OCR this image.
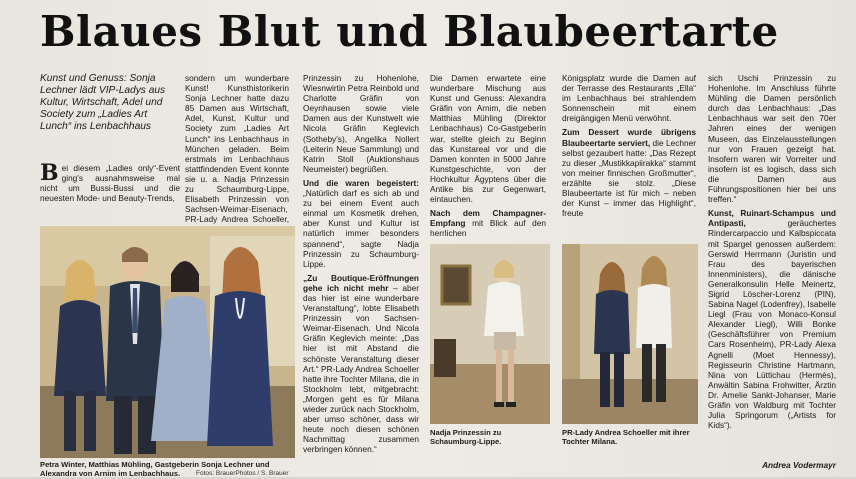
Blaues Blut und Blaubeertarte
Kunst und Genuss: Sonja Lechner lädt VIP-Ladys aus Kultur, Wirtschaft, Adel und Society zum „Ladies Art Lunch“ ins Lenbachhaus
Bei diesem „Ladies only“-Event ging's ausnahmsweise mal nicht um Bussi-Bussi und die neuesten Mode- und Beauty-Trends,

sondern um wunderbare Kunst! Kunsthistorikerin Sonja Lechner hatte dazu 85 Damen aus Wirtschaft, Adel, Kunst, Kultur und Society zum „Ladies Art Lunch“ ins Lenbachhaus in München geladen. Beim erstmals im Lenbachhaus stattfindenden Event konnte sie u. a. Nadja Prinzessin zu Schaumburg-Lippe, Elisabeth Prinzessin von Sachsen-Weimar-Eisenach, PR-Lady Andrea Schoeller,

Prinzessin zu Hohenlohe, Wiesnwirtin Petra Reinbold und Charlotte Gräfin von Oeynhausen sowie viele Damen aus der Kunstwelt wie Nicola Gräfin Keglevich (Sotheby's), Angelika Nollert (Leiterin Neue Sammlung) und Katrin Stoll (Auktionshaus Neumeister) begrüßen.

Und die waren begeistert: „Natürlich darf es sich ab und zu bei einem Event auch einmal um Kosmetik drehen, aber Kunst und Kultur ist natürlich immer besonders spannend“, sagte Nadja Prinzessin zu Schaumburg-Lippe.

„Zu Boutique-Eröffnungen gehe ich nicht mehr – aber das hier ist eine wunderbare Veranstaltung“, lobte Elisabeth Prinzessin von Sachsen-Weimar-Eisenach. Und Nicola Gräfin Keglevich meinte: „Das hier ist mit Abstand die schönste Veranstaltung dieser Art.“ PR-Lady Andrea Schoeller hatte ihre Tochter Milana, die in Stockholm lebt, mitgebracht: „Morgen geht es für Milana wieder zurück nach Stockholm, aber umso schöner, dass wir heute noch diesen schönen Nachmittag zusammen verbringen können.“

Die Damen erwartete eine wunderbare Mischung aus Kunst und Genuss: Alexandra Gräfin von Arnim, die neben Matthias Mühling (Direktor Lenbachhaus) Co-Gastgeberin war, stellte gleich zu Beginn das Kunstareal vor und die Damen konnten in 5000 Jahre Kunstgeschichte, von der Hochkultur Ägyptens über die Antike bis zur Gegenwart, eintauchen.

Nach dem Champagner-Empfang mit Blick auf den herrlichen

Königsplatz wurde die Damen auf der Terrasse des Restaurants „Ella“ im Lenbachhaus bei strahlendem Sonnenschein mit einem dreigängigen Menü verwöhnt.

Zum Dessert wurde übrigens Blaubeertarte serviert, die Lechner selbst gezaubert hatte: „Das Rezept zu dieser „Mustikkapiirakka“ stammt von meiner finnischen Großmutter“, erzählte sie stolz. „Diese Blaubeertarte ist für mich – neben der Kunst – immer das Highlight“, freute

sich Uschi Prinzessin zu Hohenlohe. Im Anschluss führte Mühling die Damen persönlich durch das Lenbachhaus: „Das Lenbachhaus war seit den 70er Jahren eines der wenigen Museen, das Einzelausstellungen nur von Frauen gezeigt hat. Insofern waren wir Vorreiter und insofern ist es logisch, dass sich die Damen aus Führungspositionen hier bei uns treffen.“

Kunst, Ruinart-Schampus und Antipasti,	geräuchertes Rindercarpaccio und Kalbspiccata mit Spargel genossen außerdem: Gerswid Herrmann (Juristin und Frau des bayerischen Innenministers), die dänische Generalkonsulin Helle Meinertz, Sigrid Löscher-Lorenz (PIN), Sabina Nagel (Lodenfrey), Isabelle Liegl (Frau von Monaco-Konsul Alexander Liegl), Willi Bonke (Geschäftsführer von Premium Cars Rosenheim), PR-Lady Alexa Agnelli (Moet Hennessy), Regisseurin Christine Hartmann, Nina von Lüttichau (Hermès), Anwältin Sabina Frohwitter, Ärztin Dr. Amelie Sankt-Johanser, Marie Gräfin von Waldburg mit Tochter Julia Springorum („Artists for Kids“).

Andrea Vodermayr
Petra Winter, Matthias Mühling, Gastgeberin Sonja Lechner und Alexandra von Arnim im Lenbachhaus.	Fotos: BrauerPhotos / S. Brauer
Nadja Prinzessin zu Schaumburg-Lippe.
PR-Lady Andrea Schoeller mit ihrer Tochter Milana.
